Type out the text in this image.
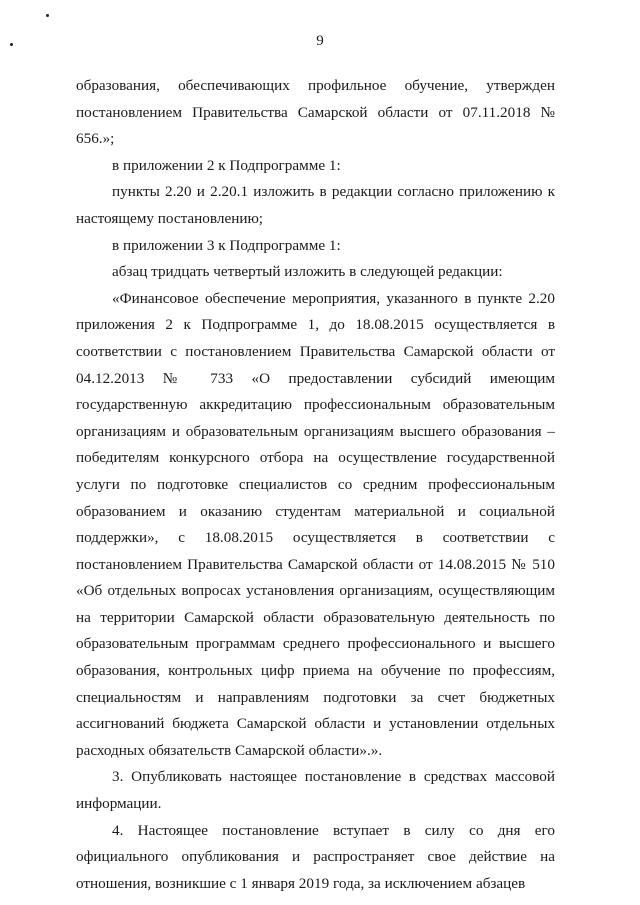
9

образования, обеспечивающих профильное обучение, утвержден постановлением Правительства Самарской области от 07.11.2018 № 656.»;

в приложении 2 к Подпрограмме 1:

пункты 2.20 и 2.20.1 изложить в редакции согласно приложению к настоящему постановлению;

в приложении 3 к Подпрограмме 1:

абзац тридцать четвертый изложить в следующей редакции:

«Финансовое обеспечение мероприятия, указанного в пункте 2.20 приложения 2 к Подпрограмме 1, до 18.08.2015 осуществляется в соответствии с постановлением Правительства Самарской области от 04.12.2013 № 733 «О предоставлении субсидий имеющим государственную аккредитацию профессиональным образовательным организациям и образовательным организациям высшего образования – победителям конкурсного отбора на осуществление государственной услуги по подготовке специалистов со средним профессиональным образованием и оказанию студентам материальной и социальной поддержки», с 18.08.2015 осуществляется в соответствии с постановлением Правительства Самарской области от 14.08.2015 № 510 «Об отдельных вопросах установления организациям, осуществляющим на территории Самарской области образовательную деятельность по образовательным программам среднего профессионального и высшего образования, контрольных цифр приема на обучение по профессиям, специальностям и направлениям подготовки за счет бюджетных ассигнований бюджета Самарской области и установлении отдельных расходных обязательств Самарской области».».

3. Опубликовать настоящее постановление в средствах массовой информации.

4. Настоящее постановление вступает в силу со дня его официального опубликования и распространяет свое действие на отношения, возникшие с 1 января 2019 года, за исключением абзацев
